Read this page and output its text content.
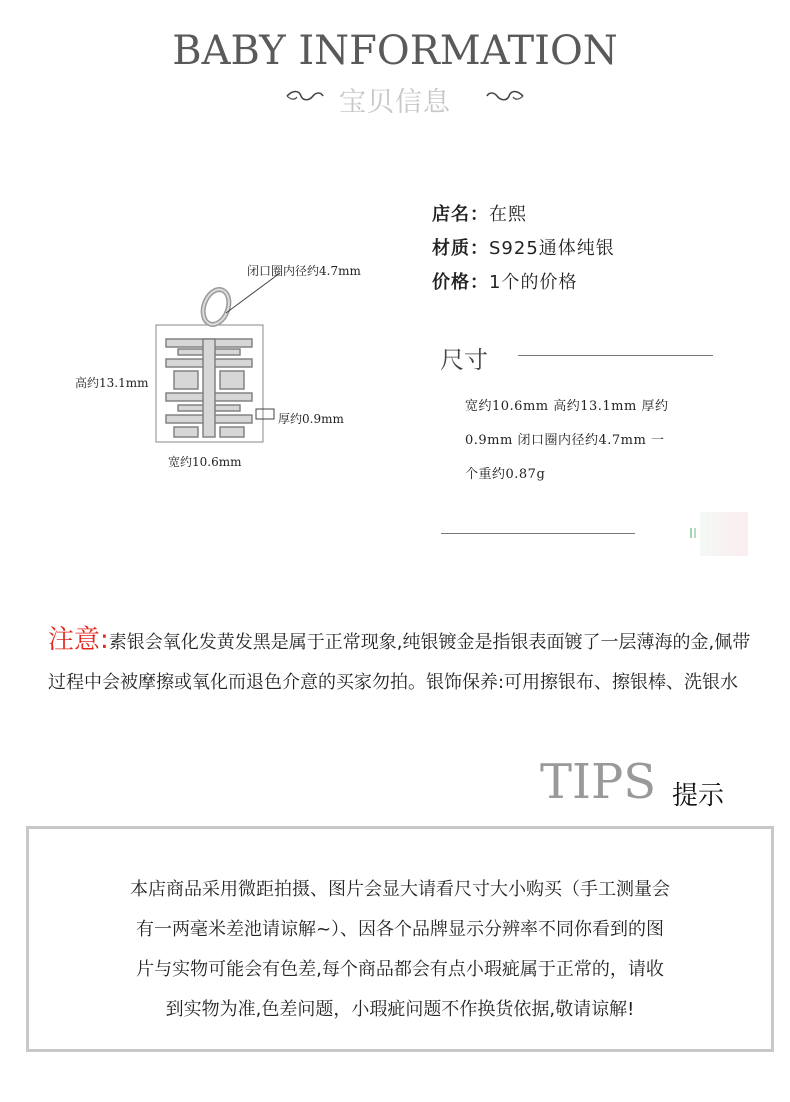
BABY INFORMATION
宝贝信息
闭口圈内径约4.7mm
高约13.1mm
厚约0.9mm
宽约10.6mm
店名：在熙
材质：S925通体纯银
价格：1个的价格
尺寸
宽约10.6mm 高约13.1mm 厚约
0.9mm 闭口圈内径约4.7mm 一
个重约0.87g
注意:素银会氧化发黄发黑是属于正常现象,纯银镀金是指银表面镀了一层薄海的金,佩带过程中会被摩擦或氧化而退色介意的买家勿拍。银饰保养:可用擦银布、擦银棒、洗银水
TIPS 提示
本店商品采用微距拍摄、图片会显大请看尺寸大小购买（手工测量会
有一两毫米差池请谅解~）、因各个品牌显示分辨率不同你看到的图
片与实物可能会有色差,每个商品都会有点小瑕疵属于正常的，请收
到实物为准,色差问题，小瑕疵问题不作换货依据,敬请谅解!
